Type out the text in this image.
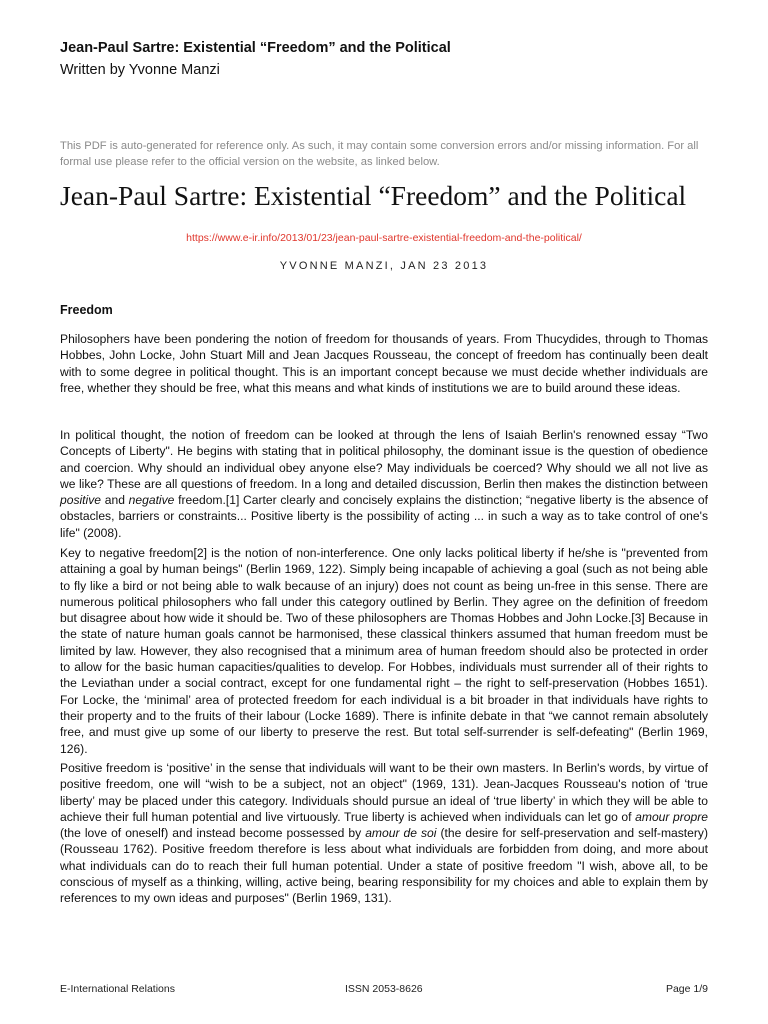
Jean-Paul Sartre: Existential “Freedom” and the Political
Written by Yvonne Manzi
This PDF is auto-generated for reference only. As such, it may contain some conversion errors and/or missing information. For all formal use please refer to the official version on the website, as linked below.
Jean-Paul Sartre: Existential “Freedom” and the Political
https://www.e-ir.info/2013/01/23/jean-paul-sartre-existential-freedom-and-the-political/
YVONNE MANZI, JAN 23 2013
Freedom

Philosophers have been pondering the notion of freedom for thousands of years. From Thucydides, through to Thomas Hobbes, John Locke, John Stuart Mill and Jean Jacques Rousseau, the concept of freedom has continually been dealt with to some degree in political thought. This is an important concept because we must decide whether individuals are free, whether they should be free, what this means and what kinds of institutions we are to build around these ideas.

In political thought, the notion of freedom can be looked at through the lens of Isaiah Berlin's renowned essay “Two Concepts of Liberty". He begins with stating that in political philosophy, the dominant issue is the question of obedience and coercion. Why should an individual obey anyone else? May individuals be coerced? Why should we all not live as we like? These are all questions of freedom. In a long and detailed discussion, Berlin then makes the distinction between positive and negative freedom.[1] Carter clearly and concisely explains the distinction; “negative liberty is the absence of obstacles, barriers or constraints... Positive liberty is the possibility of acting ... in such a way as to take control of one's life" (2008).

Key to negative freedom[2] is the notion of non-interference. One only lacks political liberty if he/she is "prevented from attaining a goal by human beings" (Berlin 1969, 122). Simply being incapable of achieving a goal (such as not being able to fly like a bird or not being able to walk because of an injury) does not count as being un-free in this sense. There are numerous political philosophers who fall under this category outlined by Berlin. They agree on the definition of freedom but disagree about how wide it should be. Two of these philosophers are Thomas Hobbes and John Locke.[3] Because in the state of nature human goals cannot be harmonised, these classical thinkers assumed that human freedom must be limited by law. However, they also recognised that a minimum area of human freedom should also be protected in order to allow for the basic human capacities/qualities to develop. For Hobbes, individuals must surrender all of their rights to the Leviathan under a social contract, except for one fundamental right – the right to self-preservation (Hobbes 1651). For Locke, the ‘minimal’ area of protected freedom for each individual is a bit broader in that individuals have rights to their property and to the fruits of their labour (Locke 1689). There is infinite debate in that “we cannot remain absolutely free, and must give up some of our liberty to preserve the rest. But total self-surrender is self-defeating" (Berlin 1969, 126).

Positive freedom is ‘positive’ in the sense that individuals will want to be their own masters. In Berlin's words, by virtue of positive freedom, one will “wish to be a subject, not an object" (1969, 131). Jean-Jacques Rousseau's notion of ‘true liberty’ may be placed under this category. Individuals should pursue an ideal of ‘true liberty’ in which they will be able to achieve their full human potential and live virtuously. True liberty is achieved when individuals can let go of amour propre (the love of oneself) and instead become possessed by amour de soi (the desire for self-preservation and self-mastery) (Rousseau 1762). Positive freedom therefore is less about what individuals are forbidden from doing, and more about what individuals can do to reach their full human potential. Under a state of positive freedom "I wish, above all, to be conscious of myself as a thinking, willing, active being, bearing responsibility for my choices and able to explain them by references to my own ideas and purposes" (Berlin 1969, 131).

E-International Relations	ISSN 2053-8626	Page 1/9
